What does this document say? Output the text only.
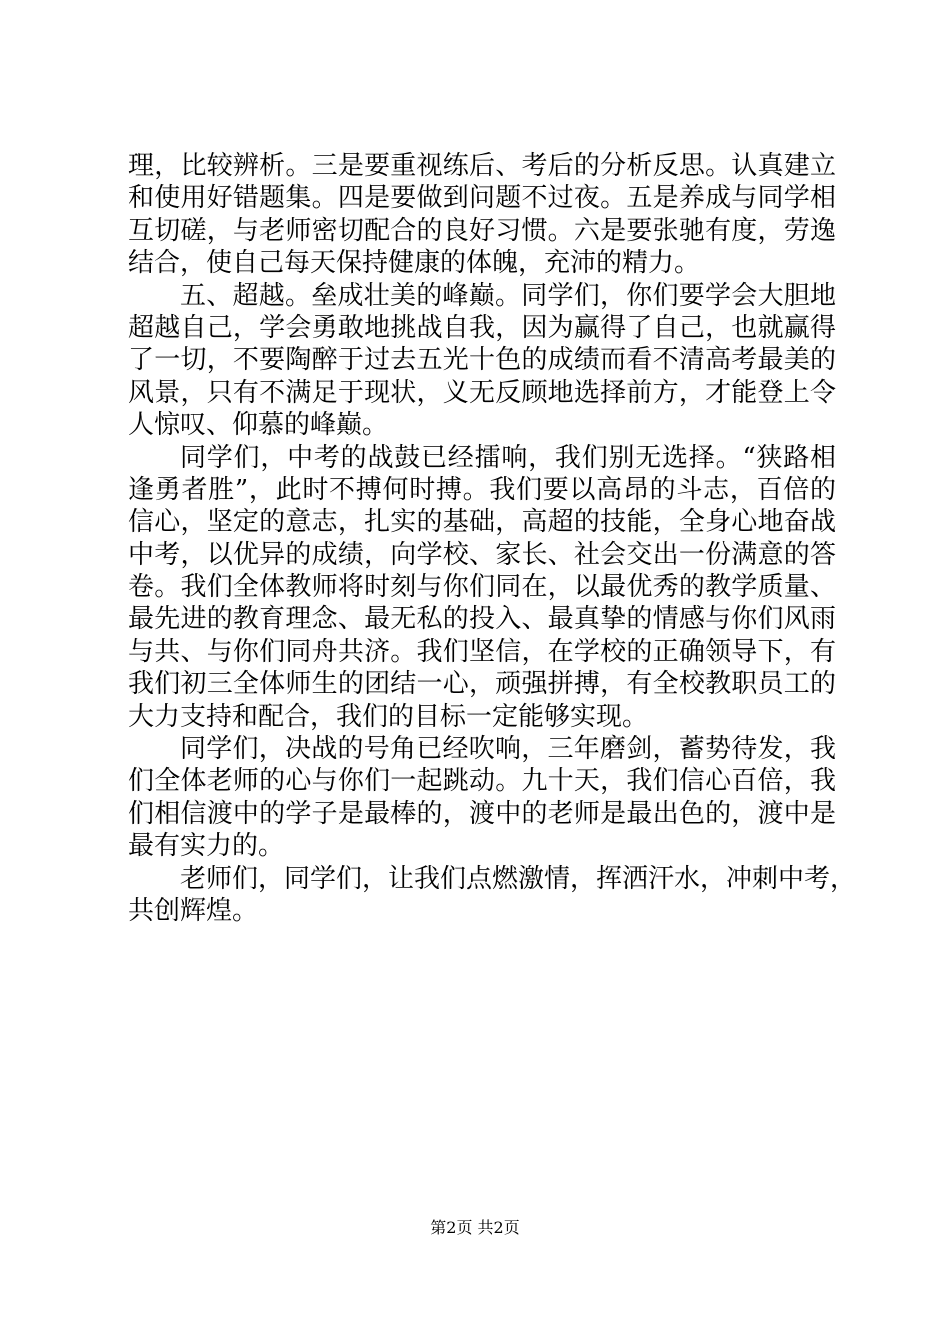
理，比较辨析。三是要重视练后、考后的分析反思。认真建立
和使用好错题集。四是要做到问题不过夜。五是养成与同学相
互切磋，与老师密切配合的良好习惯。六是要张驰有度，劳逸
结合，使自己每天保持健康的体魄，充沛的精力。
五、超越。垒成壮美的峰巅。同学们，你们要学会大胆地
超越自己，学会勇敢地挑战自我，因为赢得了自己，也就赢得
了一切，不要陶醉于过去五光十色的成绩而看不清高考最美的
风景，只有不满足于现状，义无反顾地选择前方，才能登上令
人惊叹、仰慕的峰巅。
同学们，中考的战鼓已经擂响，我们别无选择。“狭路相
逢勇者胜”，此时不搏何时搏。我们要以高昂的斗志，百倍的
信心，坚定的意志，扎实的基础，高超的技能，全身心地奋战
中考，以优异的成绩，向学校、家长、社会交出一份满意的答
卷。我们全体教师将时刻与你们同在，以最优秀的教学质量、
最先进的教育理念、最无私的投入、最真挚的情感与你们风雨
与共、与你们同舟共济。我们坚信，在学校的正确领导下，有
我们初三全体师生的团结一心，顽强拼搏，有全校教职员工的
大力支持和配合，我们的目标一定能够实现。
同学们，决战的号角已经吹响，三年磨剑，蓄势待发，我
们全体老师的心与你们一起跳动。九十天，我们信心百倍，我
们相信渡中的学子是最棒的，渡中的老师是最出色的，渡中是
最有实力的。
老师们，同学们，让我们点燃激情，挥洒汗水，冲刺中考，
共创辉煌。
第2页 共2页
